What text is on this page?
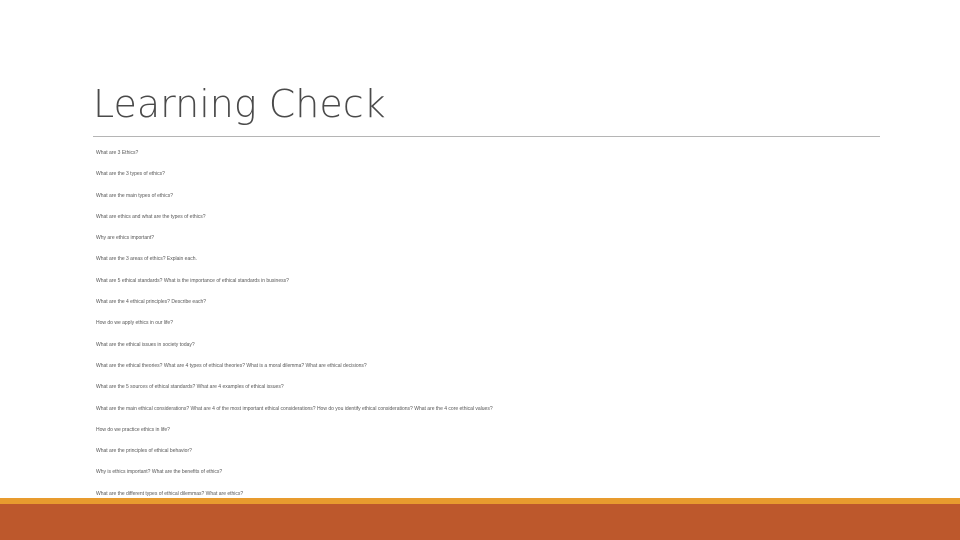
Learning Check
What are 3 Ethics?
What are the 3 types of ethics?
What are the main types of ethics?
What are ethics and what are the types of ethics?
Why are ethics important?
What are the 3 areas of ethics? Explain each.
What are 5 ethical standards? What is the importance of ethical standards in business?
What are the 4 ethical principles? Describe each?
How do we apply ethics in our life?
What are the ethical issues in society today?
What are the ethical theories? What are 4 types of ethical theories? What is a moral dilemma? What are ethical decisions?
What are the 5 sources of ethical standards? What are 4 examples of ethical issues?
What are the main ethical considerations? What are 4 of the most important ethical considerations? How do you identify ethical considerations? What are the 4 core ethical values?
How do we practice ethics in life?
What are the principles of ethical behavior?
Why is ethics important? What are the benefits of ethics?
What are the different types of ethical dilemmas? What are ethics?
